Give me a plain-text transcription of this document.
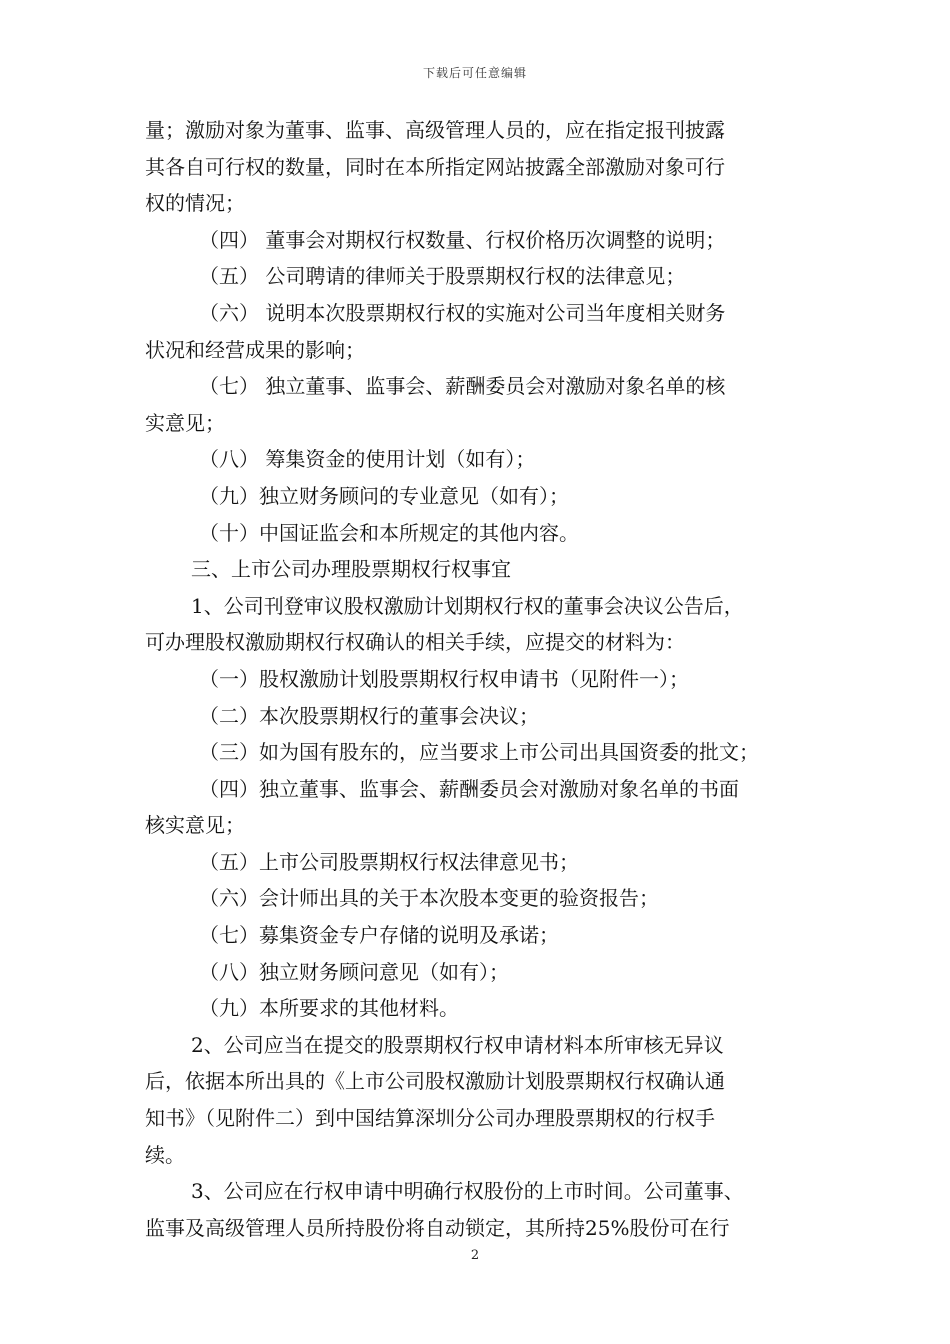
下载后可任意编辑
量；激励对象为董事、监事、高级管理人员的，应在指定报刊披露
其各自可行权的数量，同时在本所指定网站披露全部激励对象可行
权的情况；
（四） 董事会对期权行权数量、行权价格历次调整的说明；
（五） 公司聘请的律师关于股票期权行权的法律意见；
（六） 说明本次股票期权行权的实施对公司当年度相关财务
状况和经营成果的影响；
（七） 独立董事、监事会、薪酬委员会对激励对象名单的核
实意见；
（八） 筹集资金的使用计划（如有）；
（九）独立财务顾问的专业意见（如有）；
（十）中国证监会和本所规定的其他内容。
三、上市公司办理股票期权行权事宜
1、公司刊登审议股权激励计划期权行权的董事会决议公告后，
可办理股权激励期权行权确认的相关手续，应提交的材料为：
（一）股权激励计划股票期权行权申请书（见附件一）；
（二）本次股票期权行的董事会决议；
（三）如为国有股东的，应当要求上市公司出具国资委的批文；
（四）独立董事、监事会、薪酬委员会对激励对象名单的书面
核实意见；
（五）上市公司股票期权行权法律意见书；
（六）会计师出具的关于本次股本变更的验资报告；
（七）募集资金专户存储的说明及承诺；
（八）独立财务顾问意见（如有）；
（九）本所要求的其他材料。
2、公司应当在提交的股票期权行权申请材料本所审核无异议
后，依据本所出具的《上市公司股权激励计划股票期权行权确认通
知书》（见附件二）到中国结算深圳分公司办理股票期权的行权手
续。
3、公司应在行权申请中明确行权股份的上市时间。公司董事、
监事及高级管理人员所持股份将自动锁定，其所持25%股份可在行
2
